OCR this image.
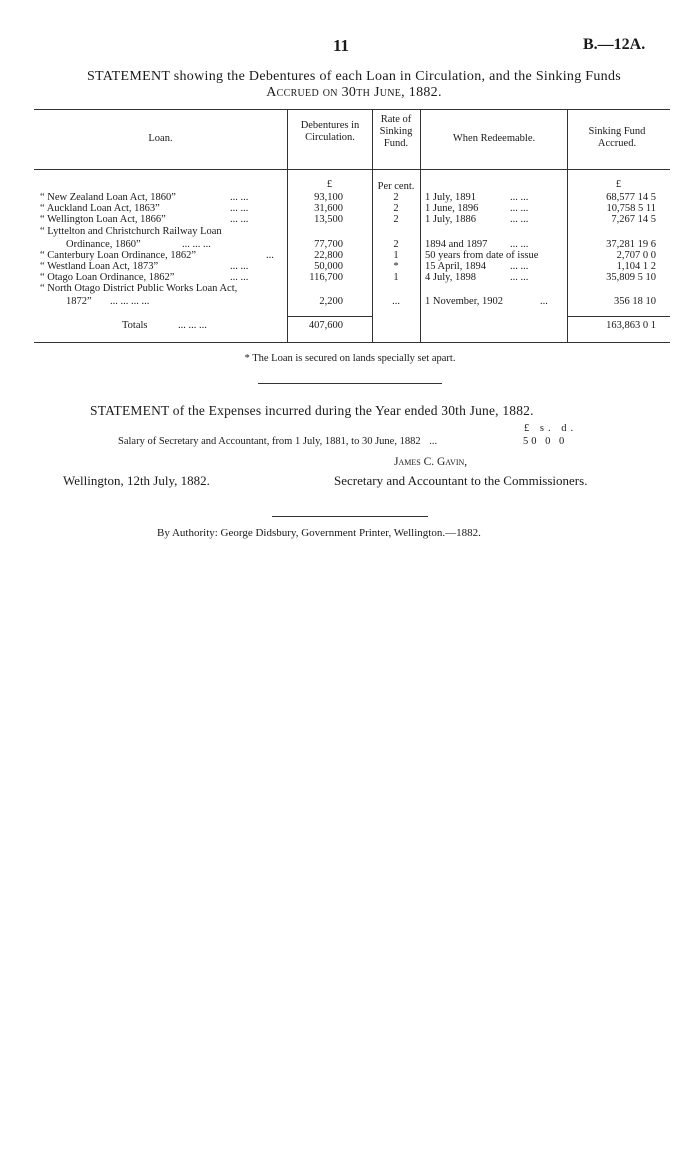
11	B.—12A.
STATEMENT showing the Debentures of each Loan in Circulation, and the Sinking Funds
Accrued on 30th June, 1882.
Loan.
Debentures in Circulation.
Rate of Sinking Fund.	When Redeemable.
Sinking Fund Accrued.
£	Per cent.	£
“ New Zealand Loan Act, 1860”	... ...	93,100	2	1 July, 1891	... ...	68,577 14 5
“ Auckland Loan Act, 1863”	... ...	31,600	2	1 June, 1896	... ...	10,758 5 11
“ Wellington Loan Act, 1866”	... ...	13,500	2	1 July, 1886	... ...	7,267 14 5
“ Lyttelton and Christchurch Railway Loan
Ordinance, 1860”	... ... ...	77,700	2	1894 and 1897 ... ...	37,281 19 6
“ Canterbury Loan Ordinance, 1862”	...	22,800	1	50 years from date of issue	2,707 0 0
“ Westland Loan Act, 1873”	... ...	50,000	*	15 April, 1894 ... ...	1,104 1 2
“ Otago Loan Ordinance, 1862”	... ...	116,700	1	4 July, 1898	... ...	35,809 5 10
“ North Otago District Public Works Loan Act,
1872” ... ... ... ...	2,200	...	1 November, 1902	...	356 18 10
Totals	... ... ...	407,600	163,863 0 1
* The Loan is secured on lands specially set apart.
STATEMENT of the Expenses incurred during the Year ended 30th June, 1882.
£ s. d.
Salary of Secretary and Accountant, from 1 July, 1881, to 30 June, 1882 ...	50 0 0
James C. Gavin,
Wellington, 12th July, 1882.	Secretary and Accountant to the Commissioners.
By Authority: George Didsbury, Government Printer, Wellington.—1882.
